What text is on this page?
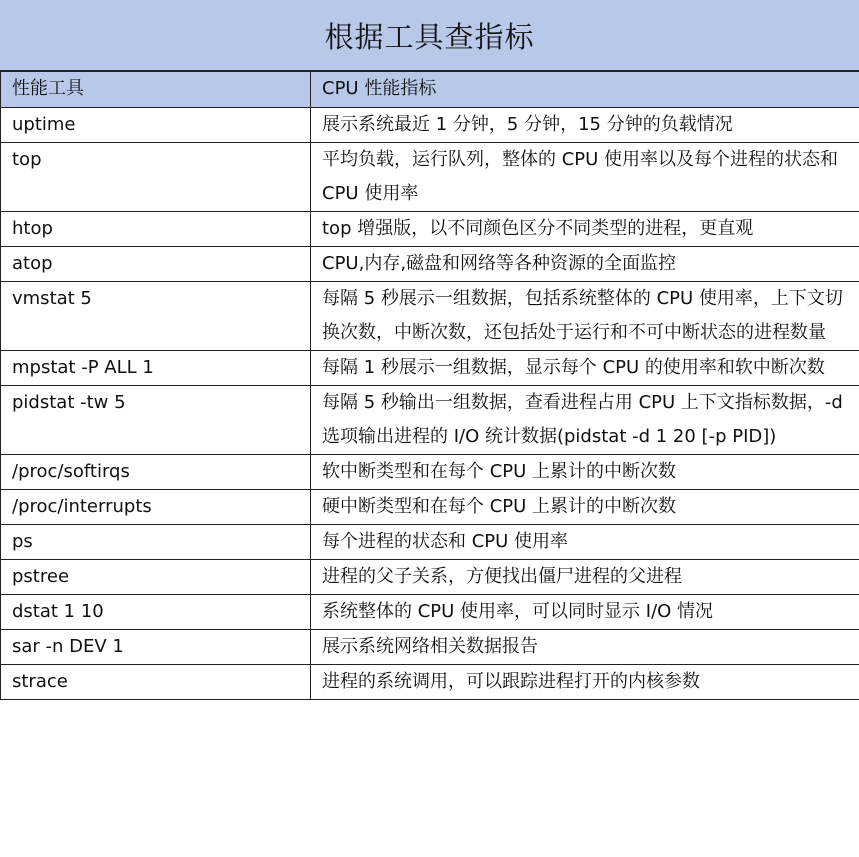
根据工具查指标
性能工具	CPU 性能指标
uptime	展示系统最近 1 分钟，5 分钟，15 分钟的负载情况
top	平均负载，运行队列，整体的 CPU 使用率以及每个进程的状态和 CPU 使用率
htop	top 增强版，以不同颜色区分不同类型的进程，更直观
atop	CPU,内存,磁盘和网络等各种资源的全面监控
vmstat 5	每隔 5 秒展示一组数据，包括系统整体的 CPU 使用率，上下文切换次数，中断次数，还包括处于运行和不可中断状态的进程数量
mpstat -P ALL 1	每隔 1 秒展示一组数据，显示每个 CPU 的使用率和软中断次数
pidstat -tw 5	每隔 5 秒输出一组数据，查看进程占用 CPU 上下文指标数据，-d 选项输出进程的 I/O 统计数据(pidstat -d 1 20 [-p PID])
/proc/softirqs	软中断类型和在每个 CPU 上累计的中断次数
/proc/interrupts	硬中断类型和在每个 CPU 上累计的中断次数
ps	每个进程的状态和 CPU 使用率
pstree	进程的父子关系，方便找出僵尸进程的父进程
dstat 1 10	系统整体的 CPU 使用率，可以同时显示 I/O 情况
sar -n DEV 1	展示系统网络相关数据报告
strace	进程的系统调用，可以跟踪进程打开的内核参数
